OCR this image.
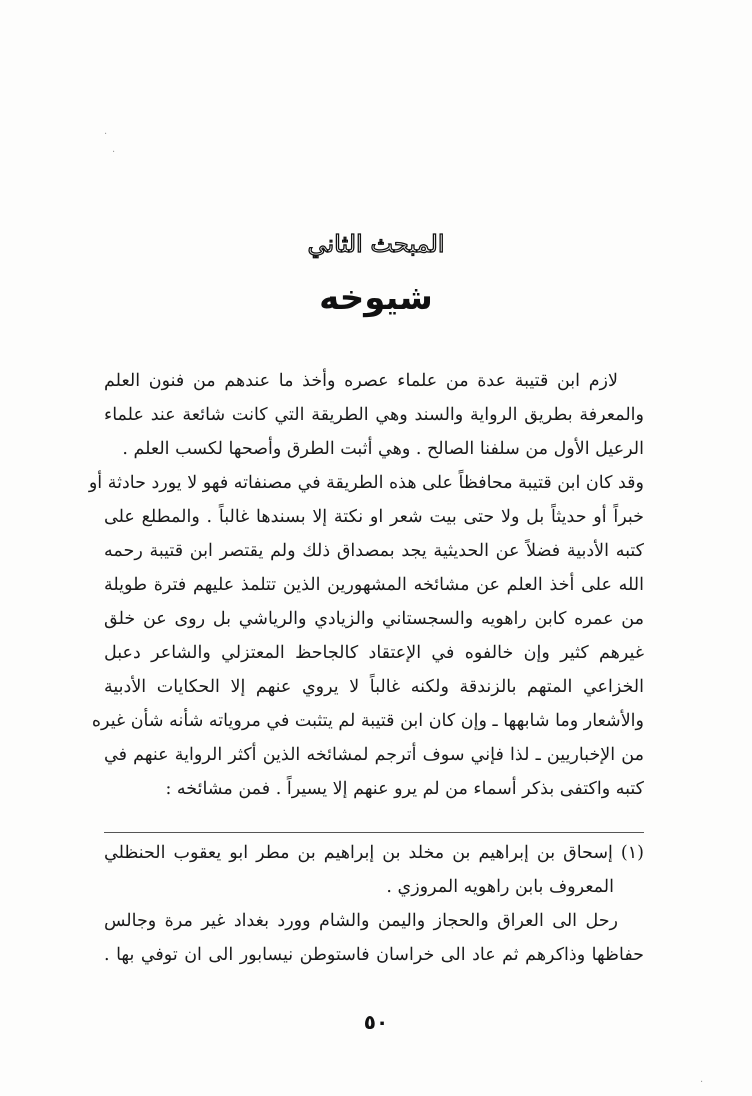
·
·
·
المبحث الثاني
شيوخه
لازم ابن قتيبة عدة من علماء عصره وأخذ ما عندهم من فنون العلم
والمعرفة بطريق الرواية والسند وهي الطريقة التي كانت شائعة عند علماء
الرعيل الأول من سلفنا الصالح . وهي أثبت الطرق وأصحها لكسب العلم .
وقد كان ابن قتيبة محافظاً على هذه الطريقة في مصنفاته فهو لا يورد حادثة أو
خبراً أو حديثاً بل ولا حتى بيت شعر او نكتة إلا بسندها غالباً . والمطلع على
كتبه الأدبية فضلاً عن الحديثية يجد بمصداق ذلك ولم يقتصر ابن قتيبة رحمه
الله على أخذ العلم عن مشائخه المشهورين الذين تتلمذ عليهم فترة طويلة
من عمره كابن راهويه والسجستاني والزيادي والرياشي بل روى عن خلق
غيرهم كثير وإن خالفوه في الإعتقاد كالجاحظ المعتزلي والشاعر دعبل
الخزاعي المتهم بالزندقة ولكنه غالباً لا يروي عنهم إلا الحكايات الأدبية
والأشعار وما شابهها ـ وإن كان ابن قتيبة لم يتثبت في مروياته شأنه شأن غيره
من الإخباريين ـ لذا فإني سوف أترجم لمشائخه الذين أكثر الرواية عنهم في
كتبه واكتفى بذكر أسماء من لم يرو عنهم إلا يسيراً . فمن مشائخه :
(١) إسحاق بن إبراهيم بن مخلد بن إبراهيم بن مطر ابو يعقوب الحنظلي
المعروف بابن راهويه المروزي .
رحل الى العراق والحجاز واليمن والشام وورد بغداد غير مرة وجالس
حفاظها وذاكرهم ثم عاد الى خراسان فاستوطن نيسابور الى ان توفي بها .
٥٠
